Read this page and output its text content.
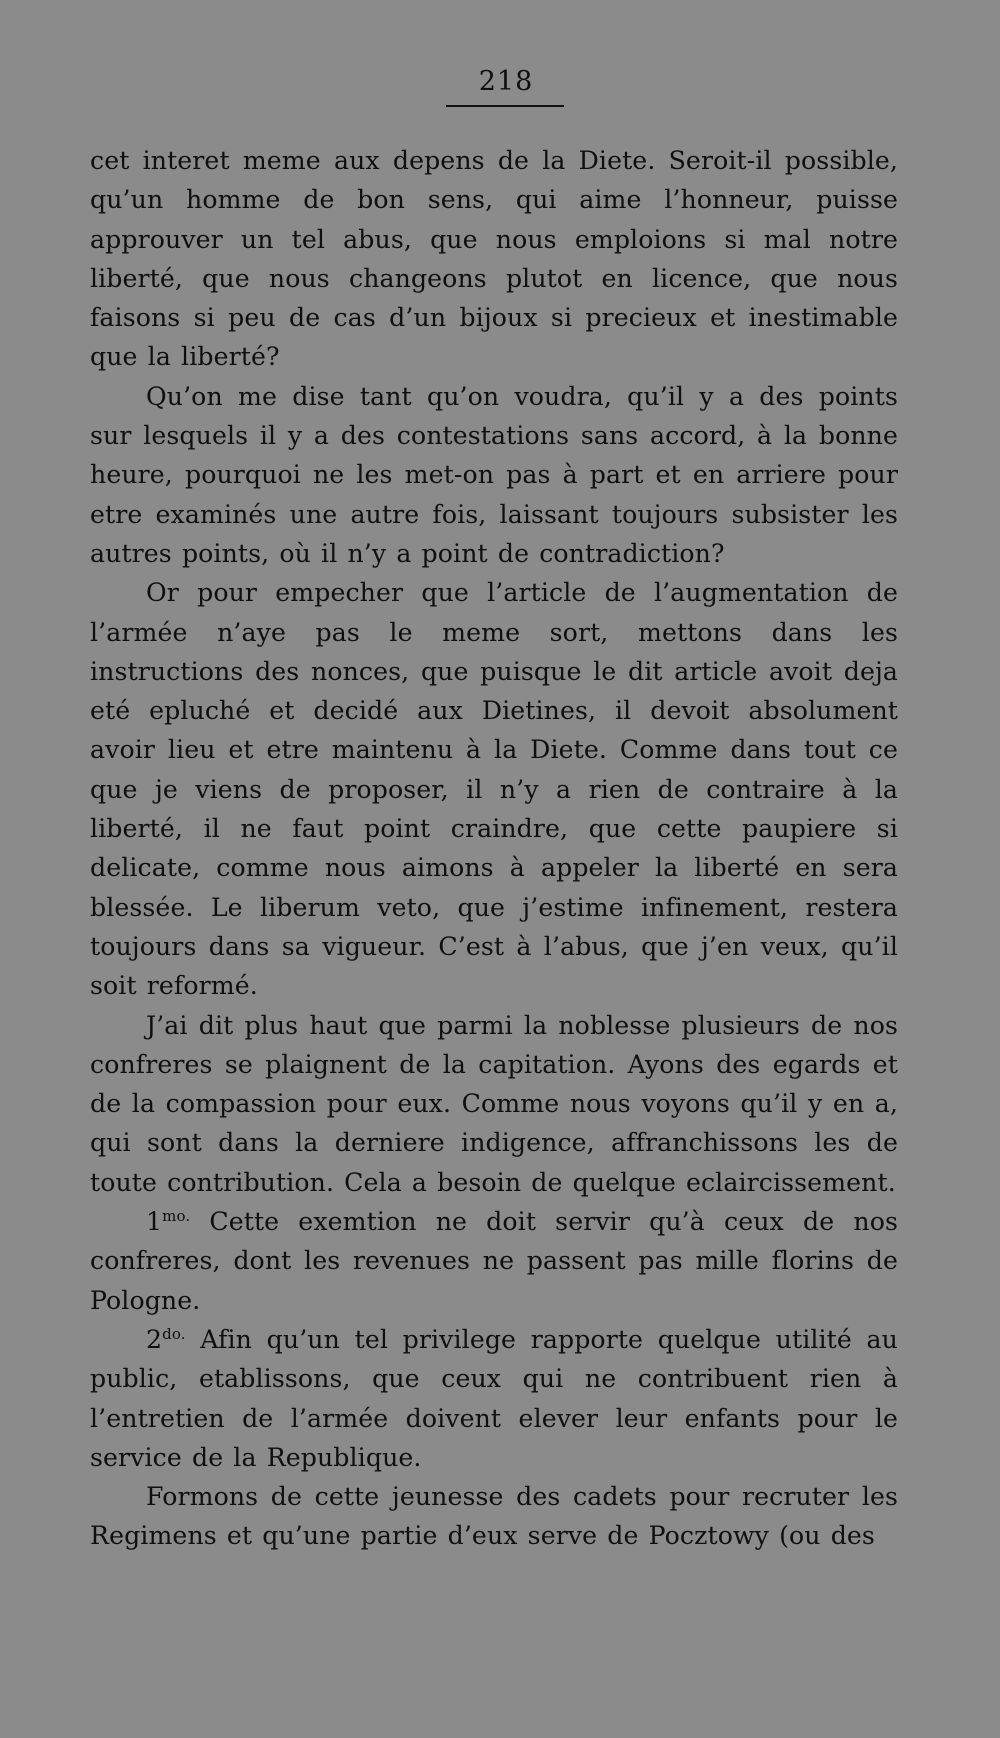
218

cet interet meme aux depens de la Diete. Seroit-il possible, qu’un homme de bon sens, qui aime l’honneur, puisse approuver un tel abus, que nous emploions si mal notre liberté, que nous changeons plutot en licence, que nous faisons si peu de cas d’un bijoux si precieux et inestimable que la liberté?

Qu’on me dise tant qu’on voudra, qu’il y a des points sur lesquels il y a des contestations sans accord, à la bonne heure, pourquoi ne les met-on pas à part et en arriere pour etre examinés une autre fois, laissant toujours subsister les autres points, où il n’y a point de contradiction?

Or pour empecher que l’article de l’augmentation de l’armée n’aye pas le meme sort, mettons dans les instructions des nonces, que puisque le dit article avoit deja eté epluché et decidé aux Dietines, il devoit absolument avoir lieu et etre maintenu à la Diete. Comme dans tout ce que je viens de proposer, il n’y a rien de contraire à la liberté, il ne faut point craindre, que cette paupiere si delicate, comme nous aimons à appeler la liberté en sera blessée. Le liberum veto, que j’estime infinement, restera toujours dans sa vigueur. C’est à l’abus, que j’en veux, qu’il soit reformé.

J’ai dit plus haut que parmi la noblesse plusieurs de nos confreres se plaignent de la capitation. Ayons des egards et de la compassion pour eux. Comme nous voyons qu’il y en a, qui sont dans la derniere indigence, affranchissons les de toute contribution. Cela a besoin de quelque eclaircissement.

$1^{mo.}$ Cette exemtion ne doit servir qu’à ceux de nos confreres, dont les revenues ne passent pas mille florins de Pologne.

$2^{do.}$ Afin qu’un tel privilege rapporte quelque utilité au public, etablissons, que ceux qui ne contribuent rien à l’entretien de l’armée doivent elever leur enfants pour le service de la Republique.

Formons de cette jeunesse des cadets pour recruter les Regimens et qu’une partie d’eux serve de Pocztowy (ou des
